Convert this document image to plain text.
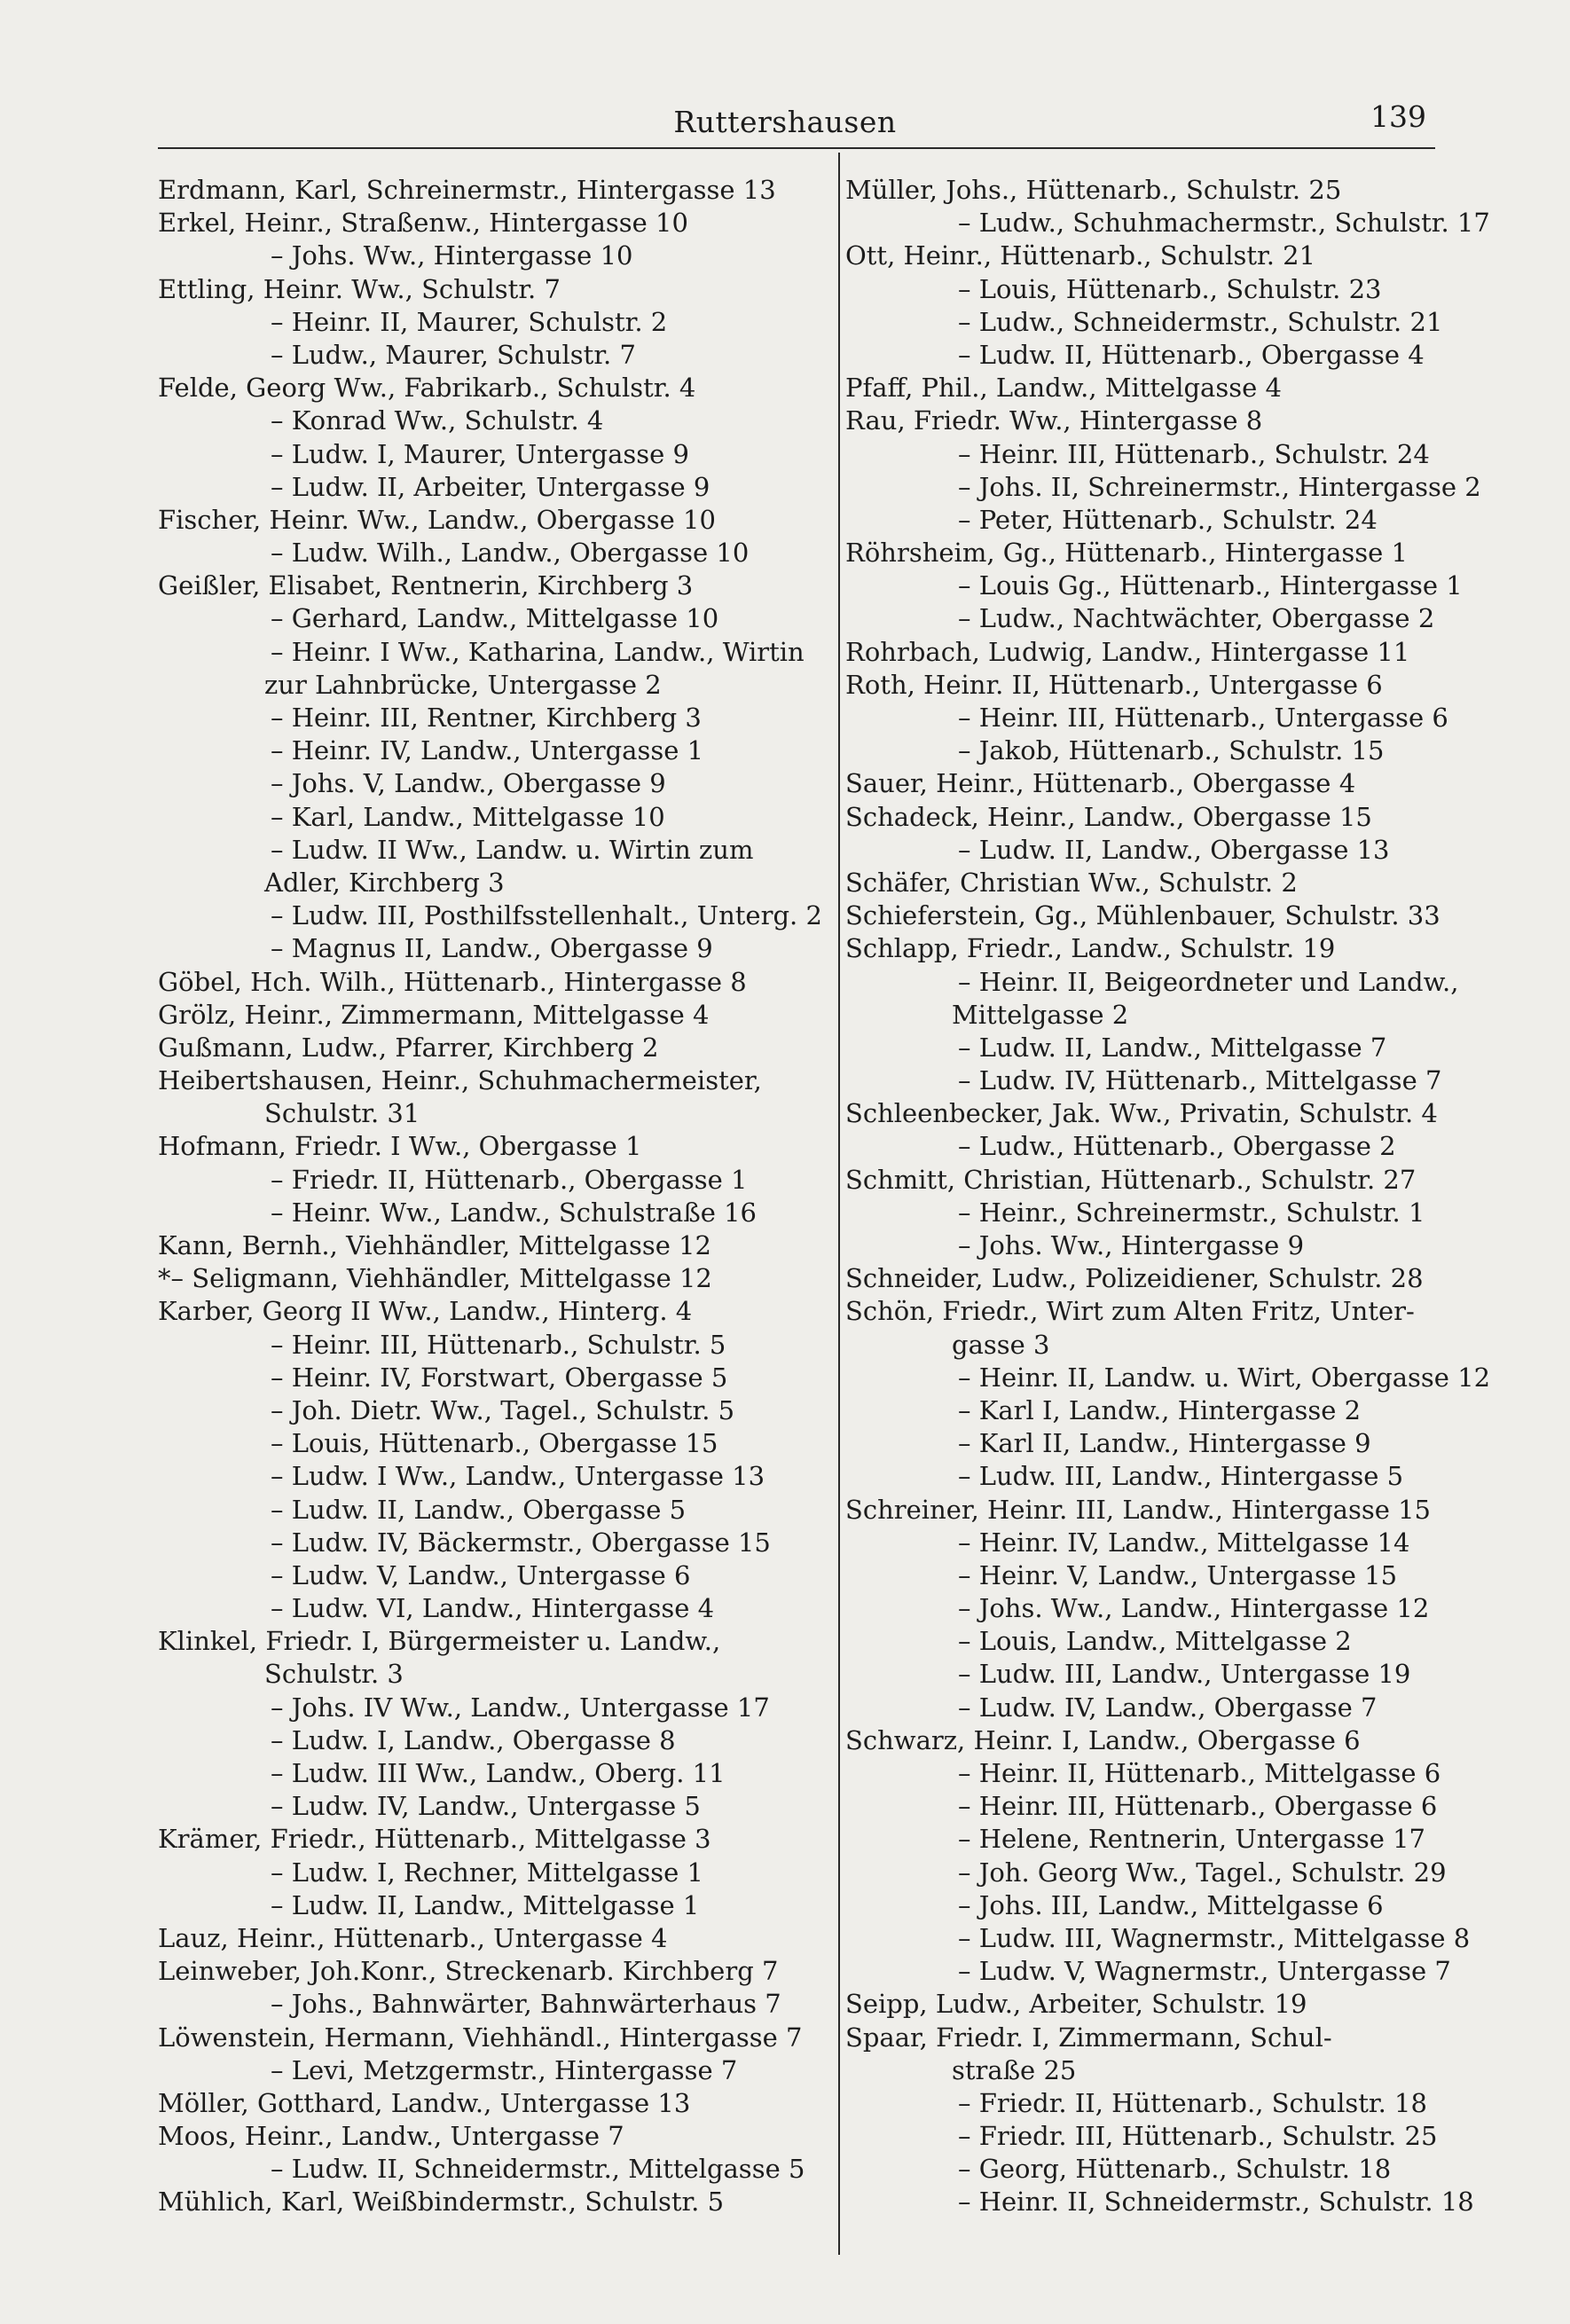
Ruttershausen	139
Erdmann, Karl, Schreinermstr., Hintergasse 13
Erkel, Heinr., Straßenw., Hintergasse 10
– Johs. Ww., Hintergasse 10
Ettling, Heinr. Ww., Schulstr. 7
– Heinr. II, Maurer, Schulstr. 2
– Ludw., Maurer, Schulstr. 7
Felde, Georg Ww., Fabrikarb., Schulstr. 4
– Konrad Ww., Schulstr. 4
– Ludw. I, Maurer, Untergasse 9
– Ludw. II, Arbeiter, Untergasse 9
Fischer, Heinr. Ww., Landw., Obergasse 10
– Ludw. Wilh., Landw., Obergasse 10
Geißler, Elisabet, Rentnerin, Kirchberg 3
– Gerhard, Landw., Mittelgasse 10
– Heinr. I Ww., Katharina, Landw., Wirtin
zur Lahnbrücke, Untergasse 2
– Heinr. III, Rentner, Kirchberg 3
– Heinr. IV, Landw., Untergasse 1
– Johs. V, Landw., Obergasse 9
– Karl, Landw., Mittelgasse 10
– Ludw. II Ww., Landw. u. Wirtin zum
Adler, Kirchberg 3
– Ludw. III, Posthilfsstellenhalt., Unterg. 2
– Magnus II, Landw., Obergasse 9
Göbel, Hch. Wilh., Hüttenarb., Hintergasse 8
Grölz, Heinr., Zimmermann, Mittelgasse 4
Gußmann, Ludw., Pfarrer, Kirchberg 2
Heibertshausen, Heinr., Schuhmachermeister,
Schulstr. 31
Hofmann, Friedr. I Ww., Obergasse 1
– Friedr. II, Hüttenarb., Obergasse 1
– Heinr. Ww., Landw., Schulstraße 16
Kann, Bernh., Viehhändler, Mittelgasse 12
*– Seligmann, Viehhändler, Mittelgasse 12
Karber, Georg II Ww., Landw., Hinterg. 4
– Heinr. III, Hüttenarb., Schulstr. 5
– Heinr. IV, Forstwart, Obergasse 5
– Joh. Dietr. Ww., Tagel., Schulstr. 5
– Louis, Hüttenarb., Obergasse 15
– Ludw. I Ww., Landw., Untergasse 13
– Ludw. II, Landw., Obergasse 5
– Ludw. IV, Bäckermstr., Obergasse 15
– Ludw. V, Landw., Untergasse 6
– Ludw. VI, Landw., Hintergasse 4
Klinkel, Friedr. I, Bürgermeister u. Landw.,
Schulstr. 3
– Johs. IV Ww., Landw., Untergasse 17
– Ludw. I, Landw., Obergasse 8
– Ludw. III Ww., Landw., Oberg. 11
– Ludw. IV, Landw., Untergasse 5
Krämer, Friedr., Hüttenarb., Mittelgasse 3
– Ludw. I, Rechner, Mittelgasse 1
– Ludw. II, Landw., Mittelgasse 1
Lauz, Heinr., Hüttenarb., Untergasse 4
Leinweber, Joh.Konr., Streckenarb. Kirchberg 7
– Johs., Bahnwärter, Bahnwärterhaus 7
Löwenstein, Hermann, Viehhändl., Hintergasse 7
– Levi, Metzgermstr., Hintergasse 7
Möller, Gotthard, Landw., Untergasse 13
Moos, Heinr., Landw., Untergasse 7
– Ludw. II, Schneidermstr., Mittelgasse 5
Mühlich, Karl, Weißbindermstr., Schulstr. 5
Müller, Johs., Hüttenarb., Schulstr. 25
– Ludw., Schuhmachermstr., Schulstr. 17
Ott, Heinr., Hüttenarb., Schulstr. 21
– Louis, Hüttenarb., Schulstr. 23
– Ludw., Schneidermstr., Schulstr. 21
– Ludw. II, Hüttenarb., Obergasse 4
Pfaff, Phil., Landw., Mittelgasse 4
Rau, Friedr. Ww., Hintergasse 8
– Heinr. III, Hüttenarb., Schulstr. 24
– Johs. II, Schreinermstr., Hintergasse 2
– Peter, Hüttenarb., Schulstr. 24
Röhrsheim, Gg., Hüttenarb., Hintergasse 1
– Louis Gg., Hüttenarb., Hintergasse 1
– Ludw., Nachtwächter, Obergasse 2
Rohrbach, Ludwig, Landw., Hintergasse 11
Roth, Heinr. II, Hüttenarb., Untergasse 6
– Heinr. III, Hüttenarb., Untergasse 6
– Jakob, Hüttenarb., Schulstr. 15
Sauer, Heinr., Hüttenarb., Obergasse 4
Schadeck, Heinr., Landw., Obergasse 15
– Ludw. II, Landw., Obergasse 13
Schäfer, Christian Ww., Schulstr. 2
Schieferstein, Gg., Mühlenbauer, Schulstr. 33
Schlapp, Friedr., Landw., Schulstr. 19
– Heinr. II, Beigeordneter und Landw.,
Mittelgasse 2
– Ludw. II, Landw., Mittelgasse 7
– Ludw. IV, Hüttenarb., Mittelgasse 7
Schleenbecker, Jak. Ww., Privatin, Schulstr. 4
– Ludw., Hüttenarb., Obergasse 2
Schmitt, Christian, Hüttenarb., Schulstr. 27
– Heinr., Schreinermstr., Schulstr. 1
– Johs. Ww., Hintergasse 9
Schneider, Ludw., Polizeidiener, Schulstr. 28
Schön, Friedr., Wirt zum Alten Fritz, Unter-
gasse 3
– Heinr. II, Landw. u. Wirt, Obergasse 12
– Karl I, Landw., Hintergasse 2
– Karl II, Landw., Hintergasse 9
– Ludw. III, Landw., Hintergasse 5
Schreiner, Heinr. III, Landw., Hintergasse 15
– Heinr. IV, Landw., Mittelgasse 14
– Heinr. V, Landw., Untergasse 15
– Johs. Ww., Landw., Hintergasse 12
– Louis, Landw., Mittelgasse 2
– Ludw. III, Landw., Untergasse 19
– Ludw. IV, Landw., Obergasse 7
Schwarz, Heinr. I, Landw., Obergasse 6
– Heinr. II, Hüttenarb., Mittelgasse 6
– Heinr. III, Hüttenarb., Obergasse 6
– Helene, Rentnerin, Untergasse 17
– Joh. Georg Ww., Tagel., Schulstr. 29
– Johs. III, Landw., Mittelgasse 6
– Ludw. III, Wagnermstr., Mittelgasse 8
– Ludw. V, Wagnermstr., Untergasse 7
Seipp, Ludw., Arbeiter, Schulstr. 19
Spaar, Friedr. I, Zimmermann, Schul-
straße 25
– Friedr. II, Hüttenarb., Schulstr. 18
– Friedr. III, Hüttenarb., Schulstr. 25
– Georg, Hüttenarb., Schulstr. 18
– Heinr. II, Schneidermstr., Schulstr. 18
